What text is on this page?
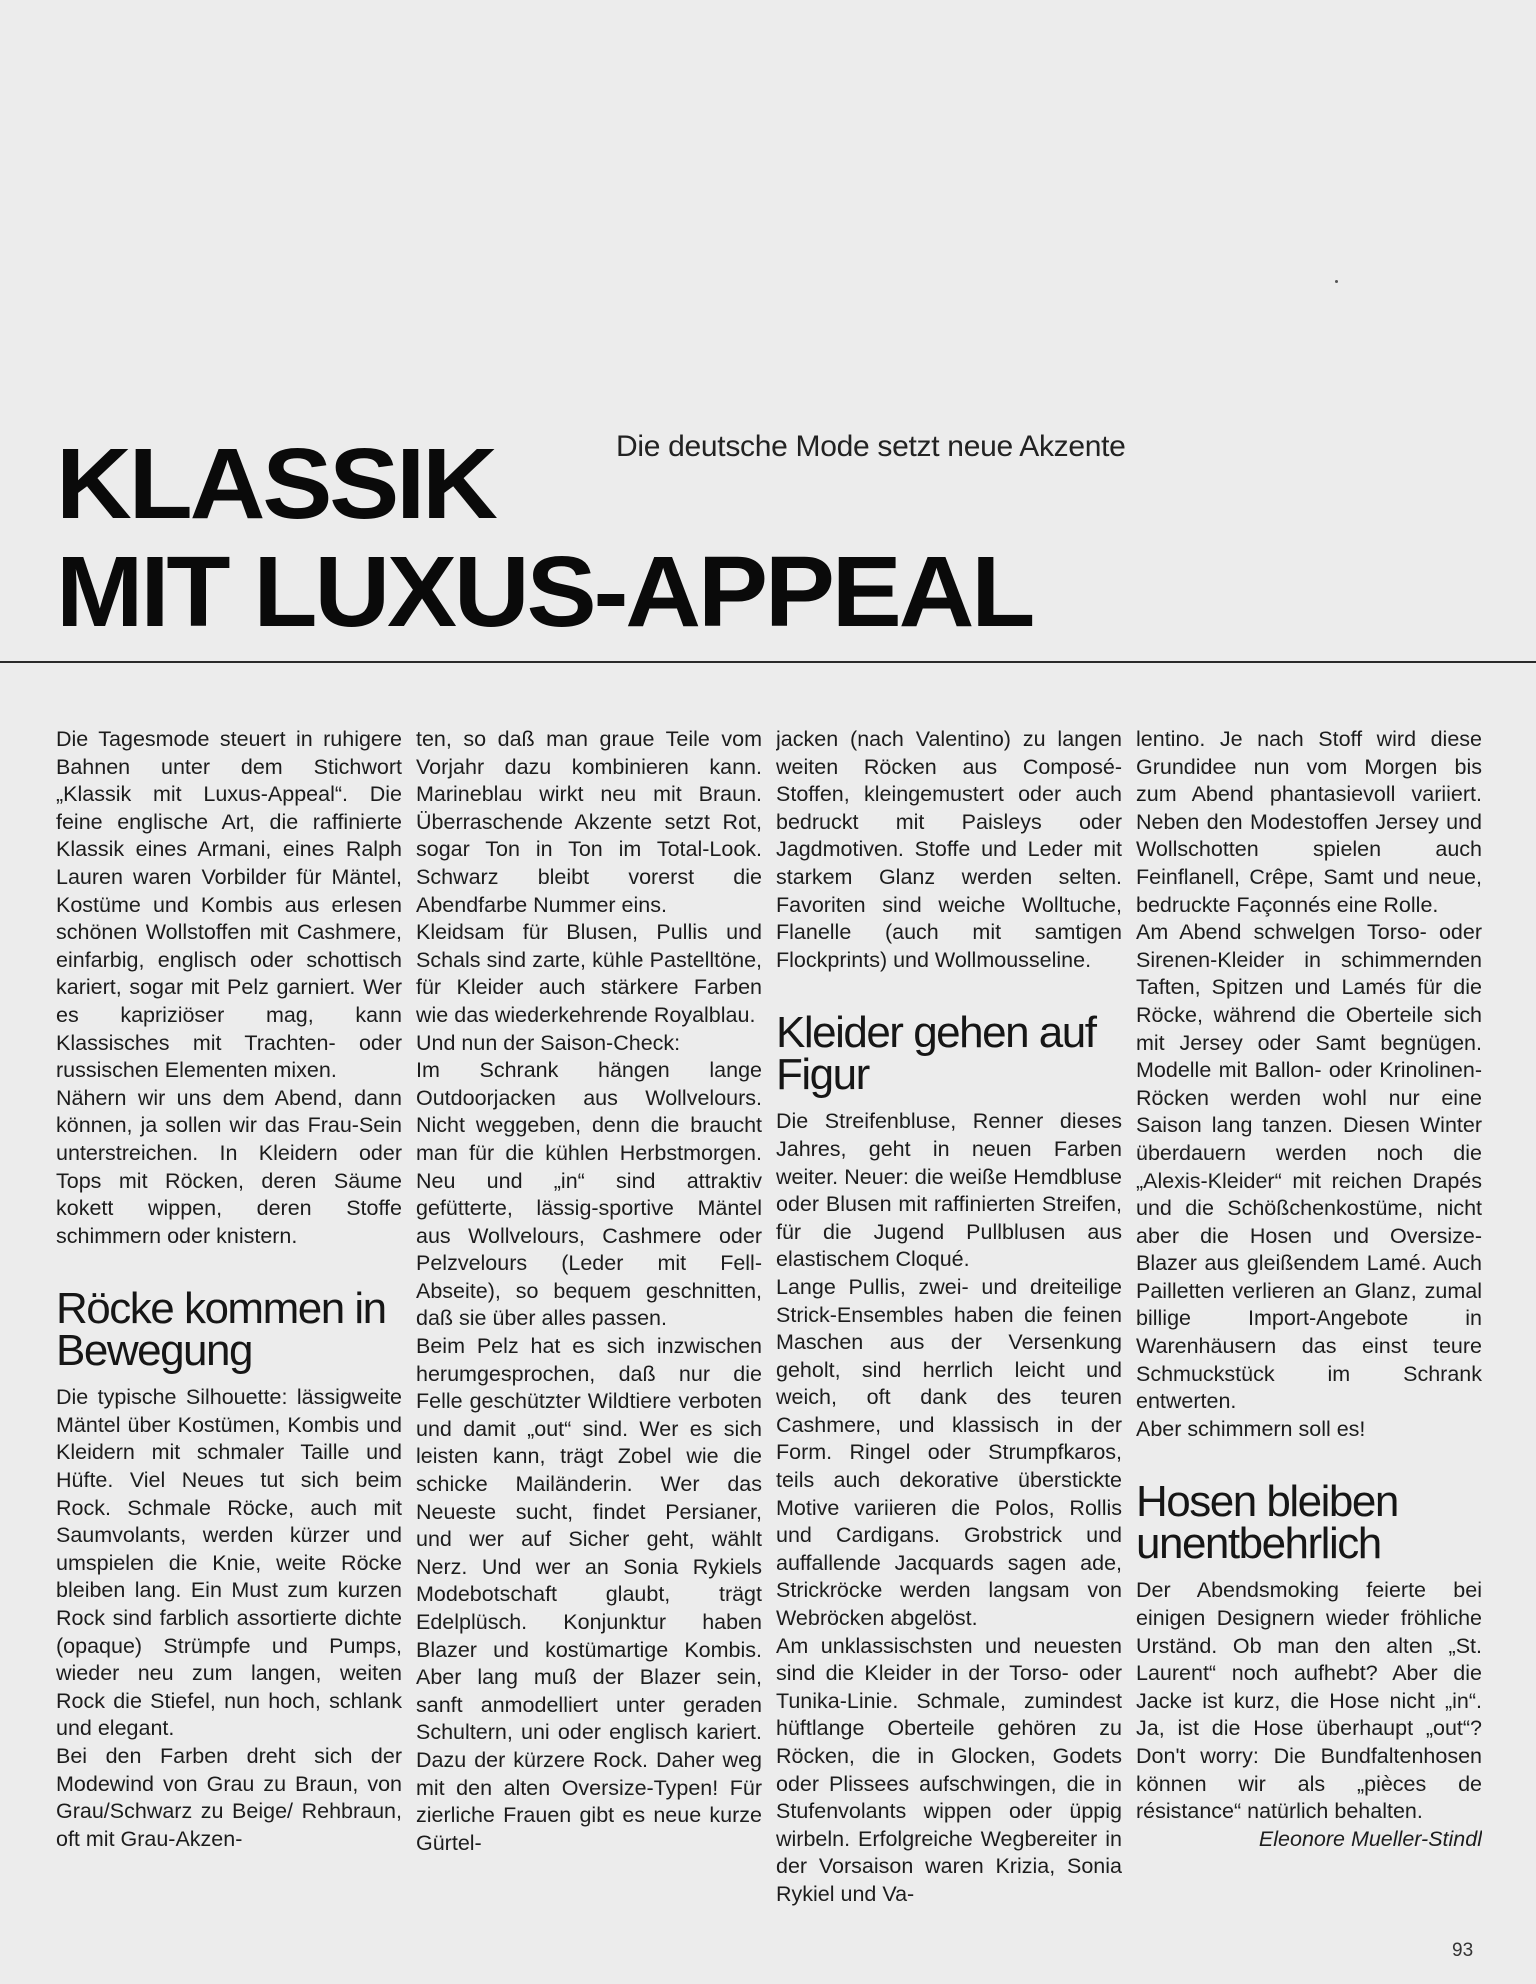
KLASSIK
MIT LUXUS-APPEAL

Die deutsche Mode setzt neue Akzente

Die Tagesmode steuert in ruhigere Bahnen unter dem Stichwort „Klassik mit Luxus-Appeal“. Die feine englische Art, die raffinierte Klassik eines Armani, eines Ralph Lauren waren Vorbilder für Mäntel, Kostüme und Kombis aus erlesen schönen Wollstoffen mit Cashmere, einfarbig, englisch oder schottisch kariert, sogar mit Pelz garniert. Wer es kapriziöser mag, kann Klassisches mit Trachten- oder russischen Elementen mixen.

Nähern wir uns dem Abend, dann können, ja sollen wir das Frau-Sein unterstreichen. In Kleidern oder Tops mit Röcken, deren Säume kokett wippen, deren Stoffe schimmern oder knistern.

Röcke kommen in Bewegung

Die typische Silhouette: lässigweite Mäntel über Kostümen, Kombis und Kleidern mit schmaler Taille und Hüfte. Viel Neues tut sich beim Rock. Schmale Röcke, auch mit Saumvolants, werden kürzer und umspielen die Knie, weite Röcke bleiben lang. Ein Must zum kurzen Rock sind farblich assortierte dichte (opaque) Strümpfe und Pumps, wieder neu zum langen, weiten Rock die Stiefel, nun hoch, schlank und elegant.

Bei den Farben dreht sich der Modewind von Grau zu Braun, von Grau/Schwarz zu Beige/ Rehbraun, oft mit Grau-Akzen-

ten, so daß man graue Teile vom Vorjahr dazu kombinieren kann. Marineblau wirkt neu mit Braun. Überraschende Akzente setzt Rot, sogar Ton in Ton im Total-Look. Schwarz bleibt vorerst die Abendfarbe Nummer eins.

Kleidsam für Blusen, Pullis und Schals sind zarte, kühle Pastelltöne, für Kleider auch stärkere Farben wie das wiederkehrende Royalblau.

Und nun der Saison-Check:

Im Schrank hängen lange Outdoorjacken aus Wollvelours. Nicht weggeben, denn die braucht man für die kühlen Herbstmorgen. Neu und „in“ sind attraktiv gefütterte, lässig-sportive Mäntel aus Wollvelours, Cashmere oder Pelzvelours (Leder mit Fell-Abseite), so bequem geschnitten, daß sie über alles passen.

Beim Pelz hat es sich inzwischen herumgesprochen, daß nur die Felle geschützter Wildtiere verboten und damit „out“ sind. Wer es sich leisten kann, trägt Zobel wie die schicke Mailänderin. Wer das Neueste sucht, findet Persianer, und wer auf Sicher geht, wählt Nerz. Und wer an Sonia Rykiels Modebotschaft glaubt, trägt Edelplüsch. Konjunktur haben Blazer und kostümartige Kombis. Aber lang muß der Blazer sein, sanft anmodelliert unter geraden Schultern, uni oder englisch kariert. Dazu der kürzere Rock. Daher weg mit den alten Oversize-Typen! Für zierliche Frauen gibt es neue kurze Gürtel-

jacken (nach Valentino) zu langen weiten Röcken aus Composé-Stoffen, kleingemustert oder auch bedruckt mit Paisleys oder Jagdmotiven. Stoffe und Leder mit starkem Glanz werden selten. Favoriten sind weiche Wolltuche, Flanelle (auch mit samtigen Flockprints) und Wollmousseline.

Kleider gehen auf Figur

Die Streifenbluse, Renner dieses Jahres, geht in neuen Farben weiter. Neuer: die weiße Hemdbluse oder Blusen mit raffinierten Streifen, für die Jugend Pullblusen aus elastischem Cloqué.

Lange Pullis, zwei- und dreiteilige Strick-Ensembles haben die feinen Maschen aus der Versenkung geholt, sind herrlich leicht und weich, oft dank des teuren Cashmere, und klassisch in der Form. Ringel oder Strumpfkaros, teils auch dekorative überstickte Motive variieren die Polos, Rollis und Cardigans. Grobstrick und auffallende Jacquards sagen ade, Strickröcke werden langsam von Webröcken abgelöst.

Am unklassischsten und neuesten sind die Kleider in der Torso- oder Tunika-Linie. Schmale, zumindest hüftlange Oberteile gehören zu Röcken, die in Glocken, Godets oder Plissees aufschwingen, die in Stufenvolants wippen oder üppig wirbeln. Erfolgreiche Wegbereiter in der Vorsaison waren Krizia, Sonia Rykiel und Va-

lentino. Je nach Stoff wird diese Grundidee nun vom Morgen bis zum Abend phantasievoll variiert. Neben den Modestoffen Jersey und Wollschotten spielen auch Feinflanell, Crêpe, Samt und neue, bedruckte Façonnés eine Rolle.

Am Abend schwelgen Torso- oder Sirenen-Kleider in schimmernden Taften, Spitzen und Lamés für die Röcke, während die Oberteile sich mit Jersey oder Samt begnügen. Modelle mit Ballon- oder Krinolinen-Röcken werden wohl nur eine Saison lang tanzen. Diesen Winter überdauern werden noch die „Alexis-Kleider“ mit reichen Drapés und die Schößchenkostüme, nicht aber die Hosen und Oversize-Blazer aus gleißendem Lamé. Auch Pailletten verlieren an Glanz, zumal billige Import-Angebote in Warenhäusern das einst teure Schmuckstück im Schrank entwerten.

Aber schimmern soll es!

Hosen bleiben unentbehrlich

Der Abendsmoking feierte bei einigen Designern wieder fröhliche Urständ. Ob man den alten „St. Laurent“ noch aufhebt? Aber die Jacke ist kurz, die Hose nicht „in“. Ja, ist die Hose überhaupt „out“? Don't worry: Die Bundfaltenhosen können wir als „pièces de résistance“ natürlich behalten.

Eleonore Mueller-Stindl

93
